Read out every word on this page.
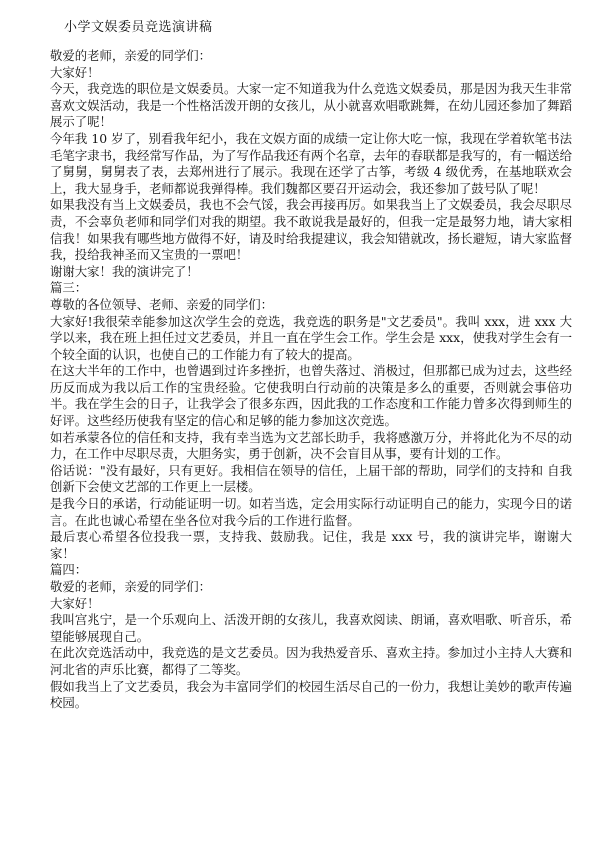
小学文娱委员竞选演讲稿

敬爱的老师，亲爱的同学们：

大家好！

今天，我竞选的职位是文娱委员。大家一定不知道我为什么竞选文娱委员，那是因为我天生非常喜欢文娱活动，我是一个性格活泼开朗的女孩儿，从小就喜欢唱歌跳舞，在幼儿园还参加了舞蹈展示了呢！

今年我 10 岁了，别看我年纪小，我在文娱方面的成绩一定让你大吃一惊，我现在学着软笔书法毛笔字隶书，我经常写作品，为了写作品我还有两个名章，去年的春联都是我写的，有一幅送给了舅舅，舅舅表了表，去郑州进行了展示。我现在还学了古筝，考级 4 级优秀，在基地联欢会上，我大显身手，老师都说我弹得棒。我们魏都区要召开运动会，我还参加了鼓号队了呢！

如果我没有当上文娱委员，我也不会气馁，我会再接再厉。如果我当上了文娱委员，我会尽职尽责，不会辜负老师和同学们对我的期望。我不敢说我是最好的，但我一定是最努力地，请大家相信我！如果我有哪些地方做得不好，请及时给我提建议，我会知错就改，扬长避短，请大家监督我，投给我神圣而又宝贵的一票吧！

谢谢大家！我的演讲完了！

篇三：

尊敬的各位领导、老师、亲爱的同学们：

大家好!我很荣幸能参加这次学生会的竞选，我竞选的职务是"文艺委员"。我叫 xxx，进 xxx 大学以来，我在班上担任过文艺委员，并且一直在学生会工作。学生会是 xxx，使我对学生会有一个较全面的认识，也使自己的工作能力有了较大的提高。

在这大半年的工作中，也曾遇到过许多挫折，也曾失落过、消极过，但那都已成为过去，这些经历反而成为我以后工作的宝贵经验。它使我明白行动前的决策是多么的重要，否则就会事倍功半。我在学生会的日子，让我学会了很多东西，因此我的工作态度和工作能力曾多次得到师生的好评。这些经历使我有坚定的信心和足够的能力参加这次竞选。

如若承蒙各位的信任和支持，我有幸当选为文艺部长助手，我将感激万分，并将此化为不尽的动力，在工作中尽职尽责，大胆务实，勇于创新，决不会盲目从事，要有计划的工作。

俗话说："没有最好，只有更好。我相信在领导的信任，上届干部的帮助，同学们的支持和 自我创新下会使文艺部的工作更上一层楼。

是我今日的承诺，行动能证明一切。如若当选，定会用实际行动证明自己的能力，实现今日的诺言。在此也诚心希望在坐各位对我今后的工作进行监督。

最后衷心希望各位投我一票，支持我、鼓励我。记住，我是 xxx 号，我的演讲完毕，谢谢大家！

篇四：

敬爱的老师，亲爱的同学们：

大家好！

我叫宫兆宁，是一个乐观向上、活泼开朗的女孩儿，我喜欢阅读、朗诵，喜欢唱歌、听音乐，希望能够展现自己。

在此次竞选活动中，我竞选的是文艺委员。因为我热爱音乐、喜欢主持。参加过小主持人大赛和河北省的声乐比赛，都得了二等奖。

假如我当上了文艺委员，我会为丰富同学们的校园生活尽自己的一份力，我想让美妙的歌声传遍校园。
